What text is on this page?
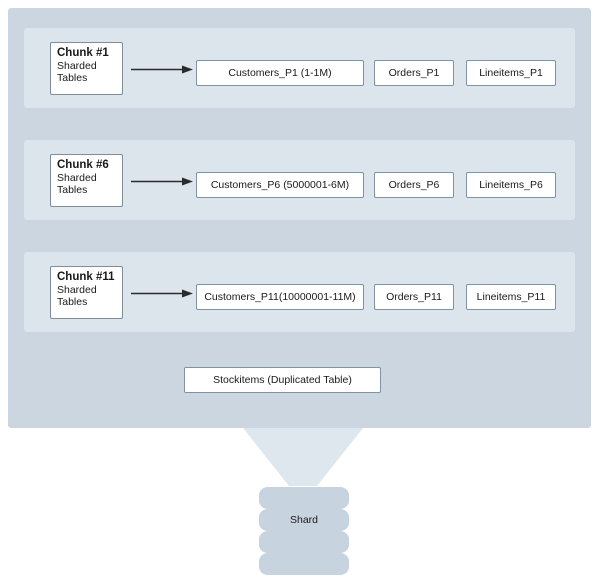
Chunk #1
Sharded
Tables	Customers_P1 (1-1M)	Orders_P1	Lineitems_P1
Chunk #6
Sharded
Tables	Customers_P6 (5000001-6M)	Orders_P6	Lineitems_P6
Chunk #11
Sharded
Tables	Customers_P11(10000001-11M)	Orders_P11	Lineitems_P11
Stockitems (Duplicated Table)
Shard
